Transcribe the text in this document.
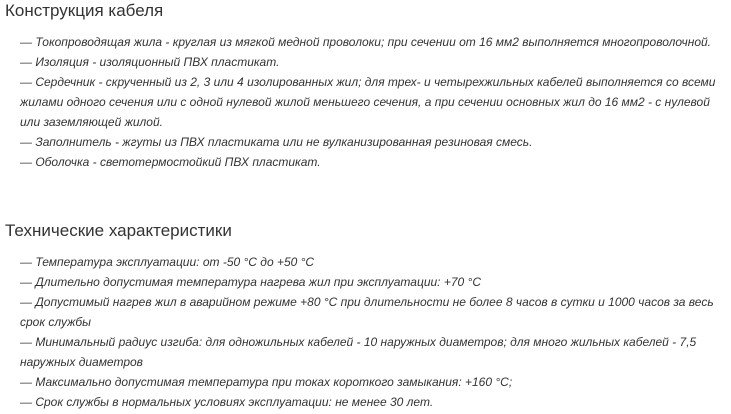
Конструкция кабеля
— Токопроводящая жила - круглая из мягкой медной проволоки; при сечении от 16 мм2 выполняется многопроволочной.
— Изоляция - изоляционный ПВХ пластикат.
— Сердечник - скрученный из 2, 3 или 4 изолированных жил; для трех- и четырехжильных кабелей выполняется со всеми жилами одного сечения или с одной нулевой жилой меньшего сечения, а при сечении основных жил до 16 мм2 - с нулевой или заземляющей жилой.
— Заполнитель - жгуты из ПВХ пластиката или не вулканизированная резиновая смесь.
— Оболочка - светотермостойкий ПВХ пластикат.
Технические характеристики
— Температура эксплуатации: от -50 °C до +50 °C
— Длительно допустимая температура нагрева жил при эксплуатации: +70 °C
— Допустимый нагрев жил в аварийном режиме +80 °C при длительности не более 8 часов в сутки и 1000 часов за весь срок службы
— Минимальный радиус изгиба: для одножильных кабелей - 10 наружных диаметров; для много жильных кабелей - 7,5 наружных диаметров
— Максимально допустимая температура при токах короткого замыкания: +160 °C;
— Срок службы в нормальных условиях эксплуатации: не менее 30 лет.
